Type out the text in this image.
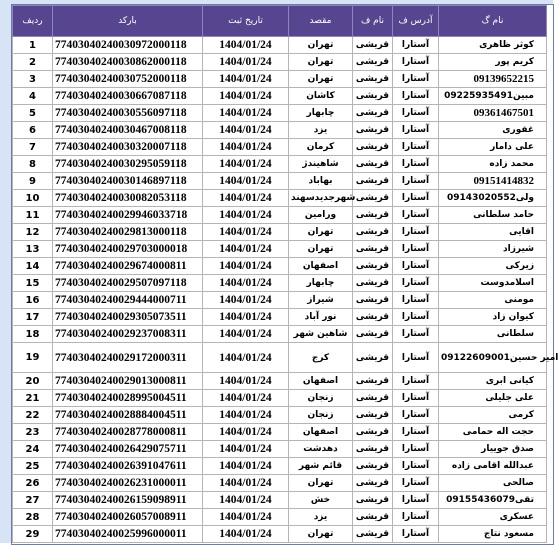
ردیف	بارکد	تاریخ ثبت	مقصد	نام ف	آدرس ف	نام گ
1	77403040240030972000118	1404/01/24	تهران	قریشی	آستارا	کوثر ظاهری
2	77403040240030862000118	1404/01/24	تهران	قریشی	آستارا	کریم پور
3	77403040240030752000118	1404/01/24	تهران	قریشی	آستارا	09139652215
4	77403040240030667087118	1404/01/24	کاشان	قریشی	آستارا	مبین09225935491
5	77403040240030556097118	1404/01/24	چابهار	قریشی	آستارا	09361467501
6	77403040240030467008118	1404/01/24	یزد	قریشی	آستارا	غفوری
7	77403040240030320007118	1404/01/24	کرمان	قریشی	آستارا	علی دامار
8	77403040240030295059118	1404/01/24	شاهیندژ	قریشی	آستارا	محمد زاده
9	77403040240030146897118	1404/01/24	بهاباد	قریشی	آستارا	09151414832
10	77403040240030082053118	1404/01/24	شهرجدیدسهند	قریشی	آستارا	ولی09143020552
11	77403040240029946033718	1404/01/24	ورامین	قریشی	آستارا	حامد سلطانی
12	77403040240029813000118	1404/01/24	تهران	قریشی	آستارا	اقایی
13	77403040240029703000018	1404/01/24	تهران	قریشی	آستارا	شیرزاد
14	77403040240029674000811	1404/01/24	اصفهان	قریشی	آستارا	زیرکی
15	77403040240029507097118	1404/01/24	چابهار	قریشی	آستارا	اسلامدوست
16	77403040240029444000711	1404/01/24	شیراز	قریشی	آستارا	مومنی
17	77403040240029305073511	1404/01/24	نور آباد	قریشی	آستارا	کیوان زاد
18	77403040240029237008311	1404/01/24	شاهین شهر	قریشی	آستارا	سلطانی
19	77403040240029172000311	1404/01/24	کرج	قریشی	آستارا	امیر حسین09122609001
20	77403040240029013000811	1404/01/24	اصفهان	قریشی	آستارا	کیانی ابری
21	77403040240028995004511	1404/01/24	زنجان	قریشی	آستارا	علی جلیلی
22	77403040240028884004511	1404/01/24	زنجان	قریشی	آستارا	کرمی
23	77403040240028778000811	1404/01/24	اصفهان	قریشی	آستارا	حجت اله حمامی
24	77403040240026429075711	1404/01/24	دهدشت	قریشی	آستارا	صدق جوییار
25	77403040240026391047611	1404/01/24	قائم شهر	قریشی	آستارا	عبدالله اقامی زاده
26	77403040240026231000011	1404/01/24	تهران	قریشی	آستارا	صالحی
27	77403040240026159098911	1404/01/24	خش	قریشی	آستارا	تقی09155436079
28	77403040240026057008911	1404/01/24	یزد	قریشی	آستارا	عسکری
29	77403040240025996000011	1404/01/24	تهران	قریشی	آستارا	مسعود نتاج
